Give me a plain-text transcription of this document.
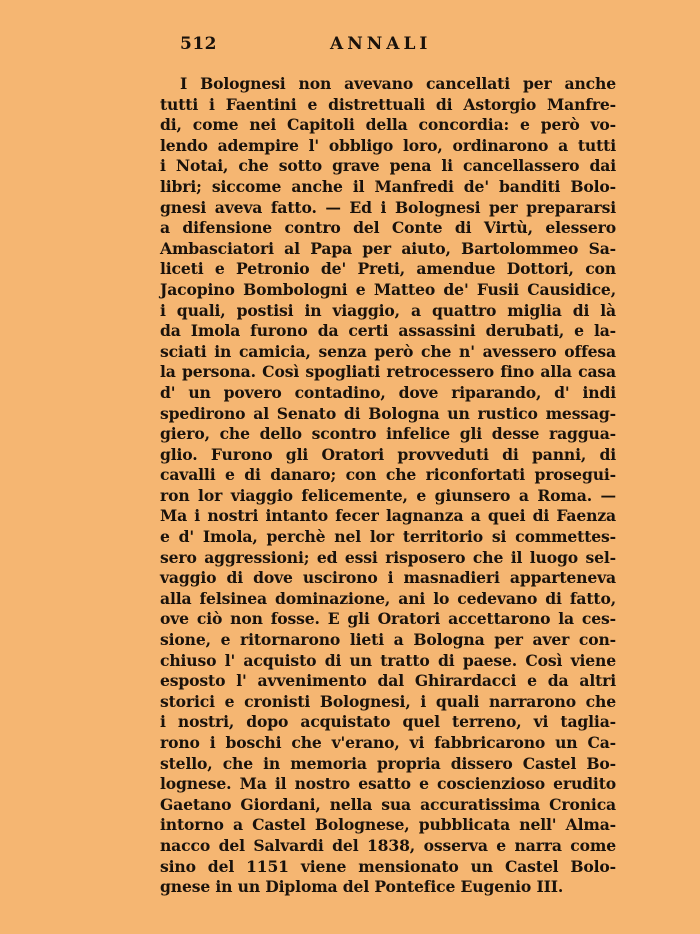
512	ANNALI
I Bolognesi non avevano cancellati per anche
tutti i Faentini e distrettuali di Astorgio Manfre-
di, come nei Capitoli della concordia: e però vo-
lendo adempire l' obbligo loro, ordinarono a tutti
i Notai, che sotto grave pena li cancellassero dai
libri; siccome anche il Manfredi de' banditi Bolo-
gnesi aveva fatto. — Ed i Bolognesi per prepararsi
a difensione contro del Conte di Virtù, elessero
Ambasciatori al Papa per aiuto, Bartolommeo Sa-
liceti e Petronio de' Preti, amendue Dottori, con
Jacopino Bombologni e Matteo de' Fusii Causidice,
i quali, postisi in viaggio, a quattro miglia di là
da Imola furono da certi assassini derubati, e la-
sciati in camicia, senza però che n' avessero offesa
la persona. Così spogliati retrocessero fino alla casa
d' un povero contadino, dove riparando, d' indi
spedirono al Senato di Bologna un rustico messag-
giero, che dello scontro infelice gli desse raggua-
glio. Furono gli Oratori provveduti di panni, di
cavalli e di danaro; con che riconfortati prosegui-
ron lor viaggio felicemente, e giunsero a Roma. —
Ma i nostri intanto fecer lagnanza a quei di Faenza
e d' Imola, perchè nel lor territorio si commettes-
sero aggressioni; ed essi risposero che il luogo sel-
vaggio di dove uscirono i masnadieri apparteneva
alla felsinea dominazione, ani lo cedevano di fatto,
ove ciò non fosse. E gli Oratori accettarono la ces-
sione, e ritornarono lieti a Bologna per aver con-
chiuso l' acquisto di un tratto di paese. Così viene
esposto l' avvenimento dal Ghirardacci e da altri
storici e cronisti Bolognesi, i quali narrarono che
i nostri, dopo acquistato quel terreno, vi taglia-
rono i boschi che v'erano, vi fabbricarono un Ca-
stello, che in memoria propria dissero Castel Bo-
lognese. Ma il nostro esatto e coscienzioso erudito
Gaetano Giordani, nella sua accuratissima Cronica
intorno a Castel Bolognese, pubblicata nell' Alma-
nacco del Salvardi del 1838, osserva e narra come
sino del 1151 viene mensionato un Castel Bolo-
gnese in un Diploma del Pontefice Eugenio III.
